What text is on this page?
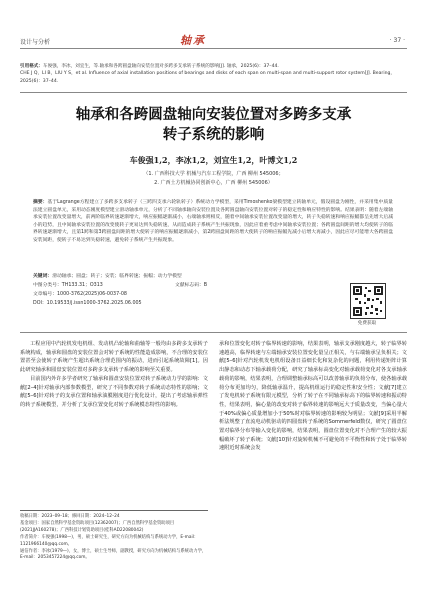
设计与分析	轴承	· 37 ·
引用格式：车俊强，李冰，刘宜生，等.轴承和各跨圆盘轴向安装位置对多跨多支承转子系统的影响[J]. 轴承，2025(6)：37–44.
CHE J Q，LI B，LIU Y S，et al. Influence of axial installation positions of bearings and disks of each span on multi-span and multi-support rotor system[J]. Bearing，2025(6)：37–44.
轴承和各跨圆盘轴向安装位置对多跨多支承
转子系统的影响
车俊强1,2，李冰1,2，刘宜生1,2，叶博文1,2
（1. 广西科技大学 机械与汽车工程学院，广西 柳州 545006；
2. 广西土方机械协同创新中心，广西 柳州 545006）
摘要：基于Lagrange方程建立了多跨多支承转子（三跨四支承六轮轨转子）系统动力学模型，采用Timoshenko梁模型建立转轴单元，假设圆盘为刚性，并采用集中质量法建立圆盘单元，采用动态刚度模型建立滑动轴承单元，分析了不同轴承轴向安装位置及各跨圆盘轴向安装位置对转子的稳定性和响应特性的影响。结果表明：随着左端轴承安装位置改变量增大，前两阶临界转速逐渐增大，响应振幅逐渐减小，右端轴承则相反，随着中间轴承安装位置改变量的增大，转子失稳转速和响应振幅都呈先增大后减小的趋势，且中间轴承安装位置的改变使转子更易达到失稳转速，从而造成转子系统产生共振现象，因此应着重考虑中间轴承安装位置；各跨圆盘间距的增大均使转子的临界转速逐渐增大，且第1跨和第3跨圆盘间距的增大使转子的响应振幅逐渐减小，第2跨圆盘间距的增大使转子的响应振幅先减小后增大再减小，因此应尽可能增大各跨圆盘安装间距，使转子不易达到失稳转速，避免转子系统产生共振现象。
关键词：滑动轴承；圆盘；转子；安装；临界转速；振幅；动力学模型
中图分类号：TH133.31；O313	文献标志码：B
文章编号：1000-3762(2025)06-0037-08
DOI：10.19533/j.issn1000-3762.2025.06.005
免费获取

工程应用中汽轮机发电机组、发动机凸轮轴和曲轴等一般均由多跨多支承转子系统构成，轴承和圆盘的安装位置会对转子系统的性能造成影响，不合理的安装位置甚至会使转子系统产生超出系统合理范围内的振动，进而引起系统故障[1]。因此研究轴承和圆盘安装位置对多跨多支承转子系统的影响至关重要。

目前国内外许多学者研究了轴承和圆盘安装位置对转子系统动力学的影响：文献[2–4]针对轴承内部参数模型，研究了不同参数对转子系统动态特性的影响；文献[5–6]针对转子的支承位置和轴承油膜刚度进行优化设计，提出了考虑轴承弹性的转子系统模型，并分析了支承位置变化对转子系统模态特性的影响。

承和位置变化对转子临界转速的影响，结果表明，轴承支承刚度越大，转子临界转速越高，临界转速与左端轴承安装位置变化量呈正相关，与右端轴承呈负相关；文献[5–6]针对汽轮机发电机组设备日益细长化和复杂化的问题，利用传递矩阵计算出静态和动态下轴承载荷分配，研究了轴承标高变化对轴承载荷变化对各支承轴承载荷的影响，结果表明，合理调整轴承标高可以改善轴承的负荷分布，使各轴承载荷分布更加均匀，降低轴承温升，提高机组运行的稳定性和安全性；文献[7]建立了发电机转子系统有限元模型，分析了转子在不同轴承标高下的临界转速和振动特性，结果表明，偏心量的改变对转子临界转速的影响远大于质量改变，当偏心量大于40%或偏心质量增加小于50%时对临界转速的影响较为明显；文献[9]采用半解析法规整了直流电动机驱动的四圆盘转子系统的Sommerfeld数仅，研究了圆盘位置对临界分布等输入变化的影响，结果表明，圆盘位置变化对不合理产生的较大振幅破坏了转子系统；文献[10]针对旋转机械不可避免的不平衡性和转子处于临界转速附近时系统会发

收稿日期：2023–09–18；修回日期：2024–12–24
基金项目：国家自然科学基金资助项目(12362007)；广西自然科学基金资助项目(2021JJA160278)；广西科技计划资助项目(桂科AD22080042)
作者简介：车俊强(1998—)，男，硕士研究生，研究方向为机械结构与系统动力学，E-mail：1121966140@qq.com。
通信作者：李冰(1979—)，女，博士，硕士生导师，副教授，研究方向为机械结构与系统动力学，E-mail：2053457224@qq.com。
